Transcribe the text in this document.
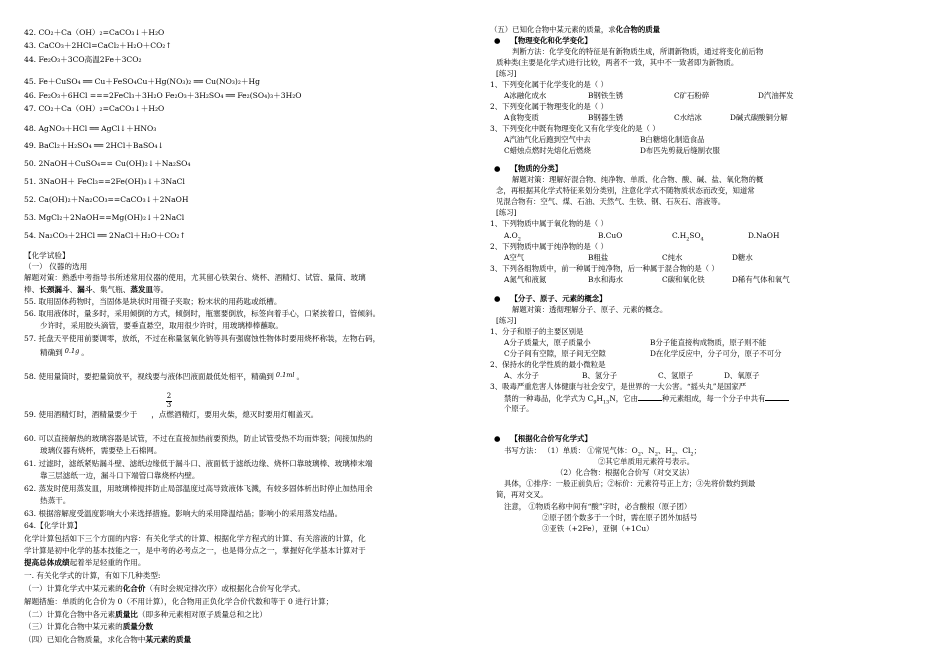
42. CO₂＋Ca（OH）₂=CaCO₃↓＋H₂O
43. CaCO₃＋2HCl=CaCl₂＋H₂O＋CO₂↑
44. Fe₂O₃＋3CO高温2Fe＋3CO₂
45. Fe＋CuSO₄ ══ Cu＋FeSO₄Cu＋Hg(NO₃)₂ ══ Cu(NO₃)₂＋Hg
46. Fe₂O₃＋6HCl ===2FeCl₃＋3H₂O Fe₂O₃＋3H₂SO₄ ══ Fe₂(SO₄)₃＋3H₂O
47. CO₂＋Ca（OH）₂=CaCO₃↓＋H₂O
48. AgNO₃＋HCl ══ AgCl↓＋HNO₃
49. BaCl₂＋H₂SO₄ ══ 2HCl＋BaSO₄↓
50. 2NaOH＋CuSO₄== Cu(OH)₂↓＋Na₂SO₄
51. 3NaOH＋ FeCl₃==2Fe(OH)₃↓＋3NaCl
52. Ca(OH)₂＋Na₂CO₃==CaCO₃↓＋2NaOH
53. MgCl₂＋2NaOH==Mg(OH)₂↓＋2NaCl
54. Na₂CO₃＋2HCl ══ 2NaCl＋H₂O＋CO₂↑
【化学试验】
（一） 仪器的选用
解题对策：熟悉中考指导书所述常用仪器的使用，尤其留心铁架台、烧杯、酒精灯、试管、量筒、玻璃
棒、长颈漏斗、漏斗、集气瓶、蒸发皿等。
55. 取用固体药物时，当固体是块状时用镊子夹取；粉末状的用药匙或纸槽。
56. 取用液体时，量多时，采用倾倒的方式，倾倒时，瓶塞要倒放，标签向着手心，口紧挨着口，管倾斜。
少许时，采用胶头滴管，要垂直悬空，取用很少许时，用玻璃棒棒蘸取。
57. 托盘天平使用前要调零，放纸，不过在称量氢氧化钠等具有强腐蚀性物体时要用烧杯称装，左物右码，
精确到 0.1g 。
58. 使用量筒时，要把量筒放平，视线要与液体凹液面最低处相平，精确到 0.1ml 。
2
3
59. 使用酒精灯时，酒精量要少于 ，点燃酒精灯，要用火柴，熄灭时要用灯帽盖灭。
60. 可以直接解热的玻璃容器是试管，不过在直接加热前要预热，防止试管受热不均而炸裂；间接加热的
玻璃仪器有烧杯，需要垫上石棉网。
61. 过滤时，滤纸紧贴漏斗壁、滤纸边缘低于漏斗口、液面低于滤纸边缘、烧杯口靠玻璃棒、玻璃棒末端
靠三层滤纸一边，漏斗口下端管口靠烧杯内壁。
62. 蒸发时使用蒸发皿，用玻璃棒搅拌防止局部温度过高导致液体飞溅，有较多固体析出时停止加热用余
热蒸干。
63. 根据溶解度受温度影响大小来选择措施。影响大的采用降温结晶；影响小的采用蒸发结晶。
64.【化学计算】
化学计算包括如下三个方面的内容：有关化学式的计算、根据化学方程式的计算、有关溶液的计算，化
学计算是初中化学的基本技能之一，是中考的必考点之一，也是得分点之一，掌握好化学基本计算对于
提高总体成绩起着举足轻重的作用。
一. 有关化学式的计算，有如下几种类型:
（一）计算化学式中某元素的化合价（有时会规定排次序）或根据化合价写化学式。
解题措施：单质的化合价为 0（不用计算），化合物用正负化学合价代数和等于 0 进行计算；
（二）计算化合物中各元素质量比（即多种元素相对原子质量总和之比）
（三）计算化合物中某元素的质量分数
（四）已知化合物质量，求化合物中某元素的质量
（五）已知化合物中某元素的质量，求化合物的质量
● 【物理变化和化学变化】
判断方法：化学变化的特征是有新物质生成，所谓新物质，通过将变化前后物
质种类(主要是化学式)进行比较，两者不一致，其中不一致者即为新物质。
[练习]
1、下列变化属于化学变化的是（ ）
A冰融化成水	B钢铁生锈	C矿石粉碎	D汽油挥发
2、下列变化属于物理变化的是（ ）
A食物变质	B钢器生锈	C水结冰	D碱式碳酸铜分解
3、下列变化中既有物理变化又有化学变化的是（ ）
A汽油气化后跑到空气中去	B白糖熔化制造食品
C蜡烛点燃时先熔化后燃烧	D布匹先剪裁后缝制衣服
● 【物质的分类】
解题对策：理解好混合物、纯净物、单质、化合物、酸、碱、盐、氧化物的概
念，再根据其化学式特征来划分类别，注意化学式不随物质状态而改变，知道常
见混合物有：空气、煤、石油、天然气、生铁、钢、石灰石、溶液等。
[练习]
1、下列物质中属于氧化物的是（ ）
$A.O_2$	B.CuO	$C.H_2SO_4$	D.NaOH
2、下列物质中属于纯净物的是（ ）
A空气	B粗盐	C纯水	D糖水
3、下列各组物质中，前一种属于纯净物，后一种属于混合物的是（ ）
A氮气和液氮	B水和海水	C碳和氧化铁	D稀有气体和氧气
● 【分子、原子、元素的概念】
解题对策：透彻理解分子、原子、元素的概念。
[练习]
1、分子和原子的主要区别是
A分子质量大，原子质量小	B分子能直接构成物质，原子则不能
C分子间有空隙，原子间无空隙	D在化学反应中，分子可分，原子不可分
2、保持水的化学性质的最小微粒是
A、水分子	B、氢分子	C、氢原子	D、氧原子
3、吸毒严重危害人体健康与社会安宁，是世界的一大公害。“摇头丸”是国家严
禁的一种毒品，化学式为 $C_9H_{13}N$，它由	种元素组成，每一个分子中共有
个原子。
● 【根据化合价写化学式】
书写方法： （1）单质： ①常见气体：$O_2$、$N_2$、$H_2$、$Cl_2$；
②其它单质用元素符号表示。
（2）化合物：根据化合价写（对交叉法）
具体，①排序：一般正前负后；②标价：元素符号正上方；③先将价数约到最
简，再对交叉。
注意， ①物质名称中间有“酸”字时，必含酸根（原子团）
②原子团个数多于一个时，需在原子团外加括号
③亚铁（+2Fe），亚铜（+1Cu）
